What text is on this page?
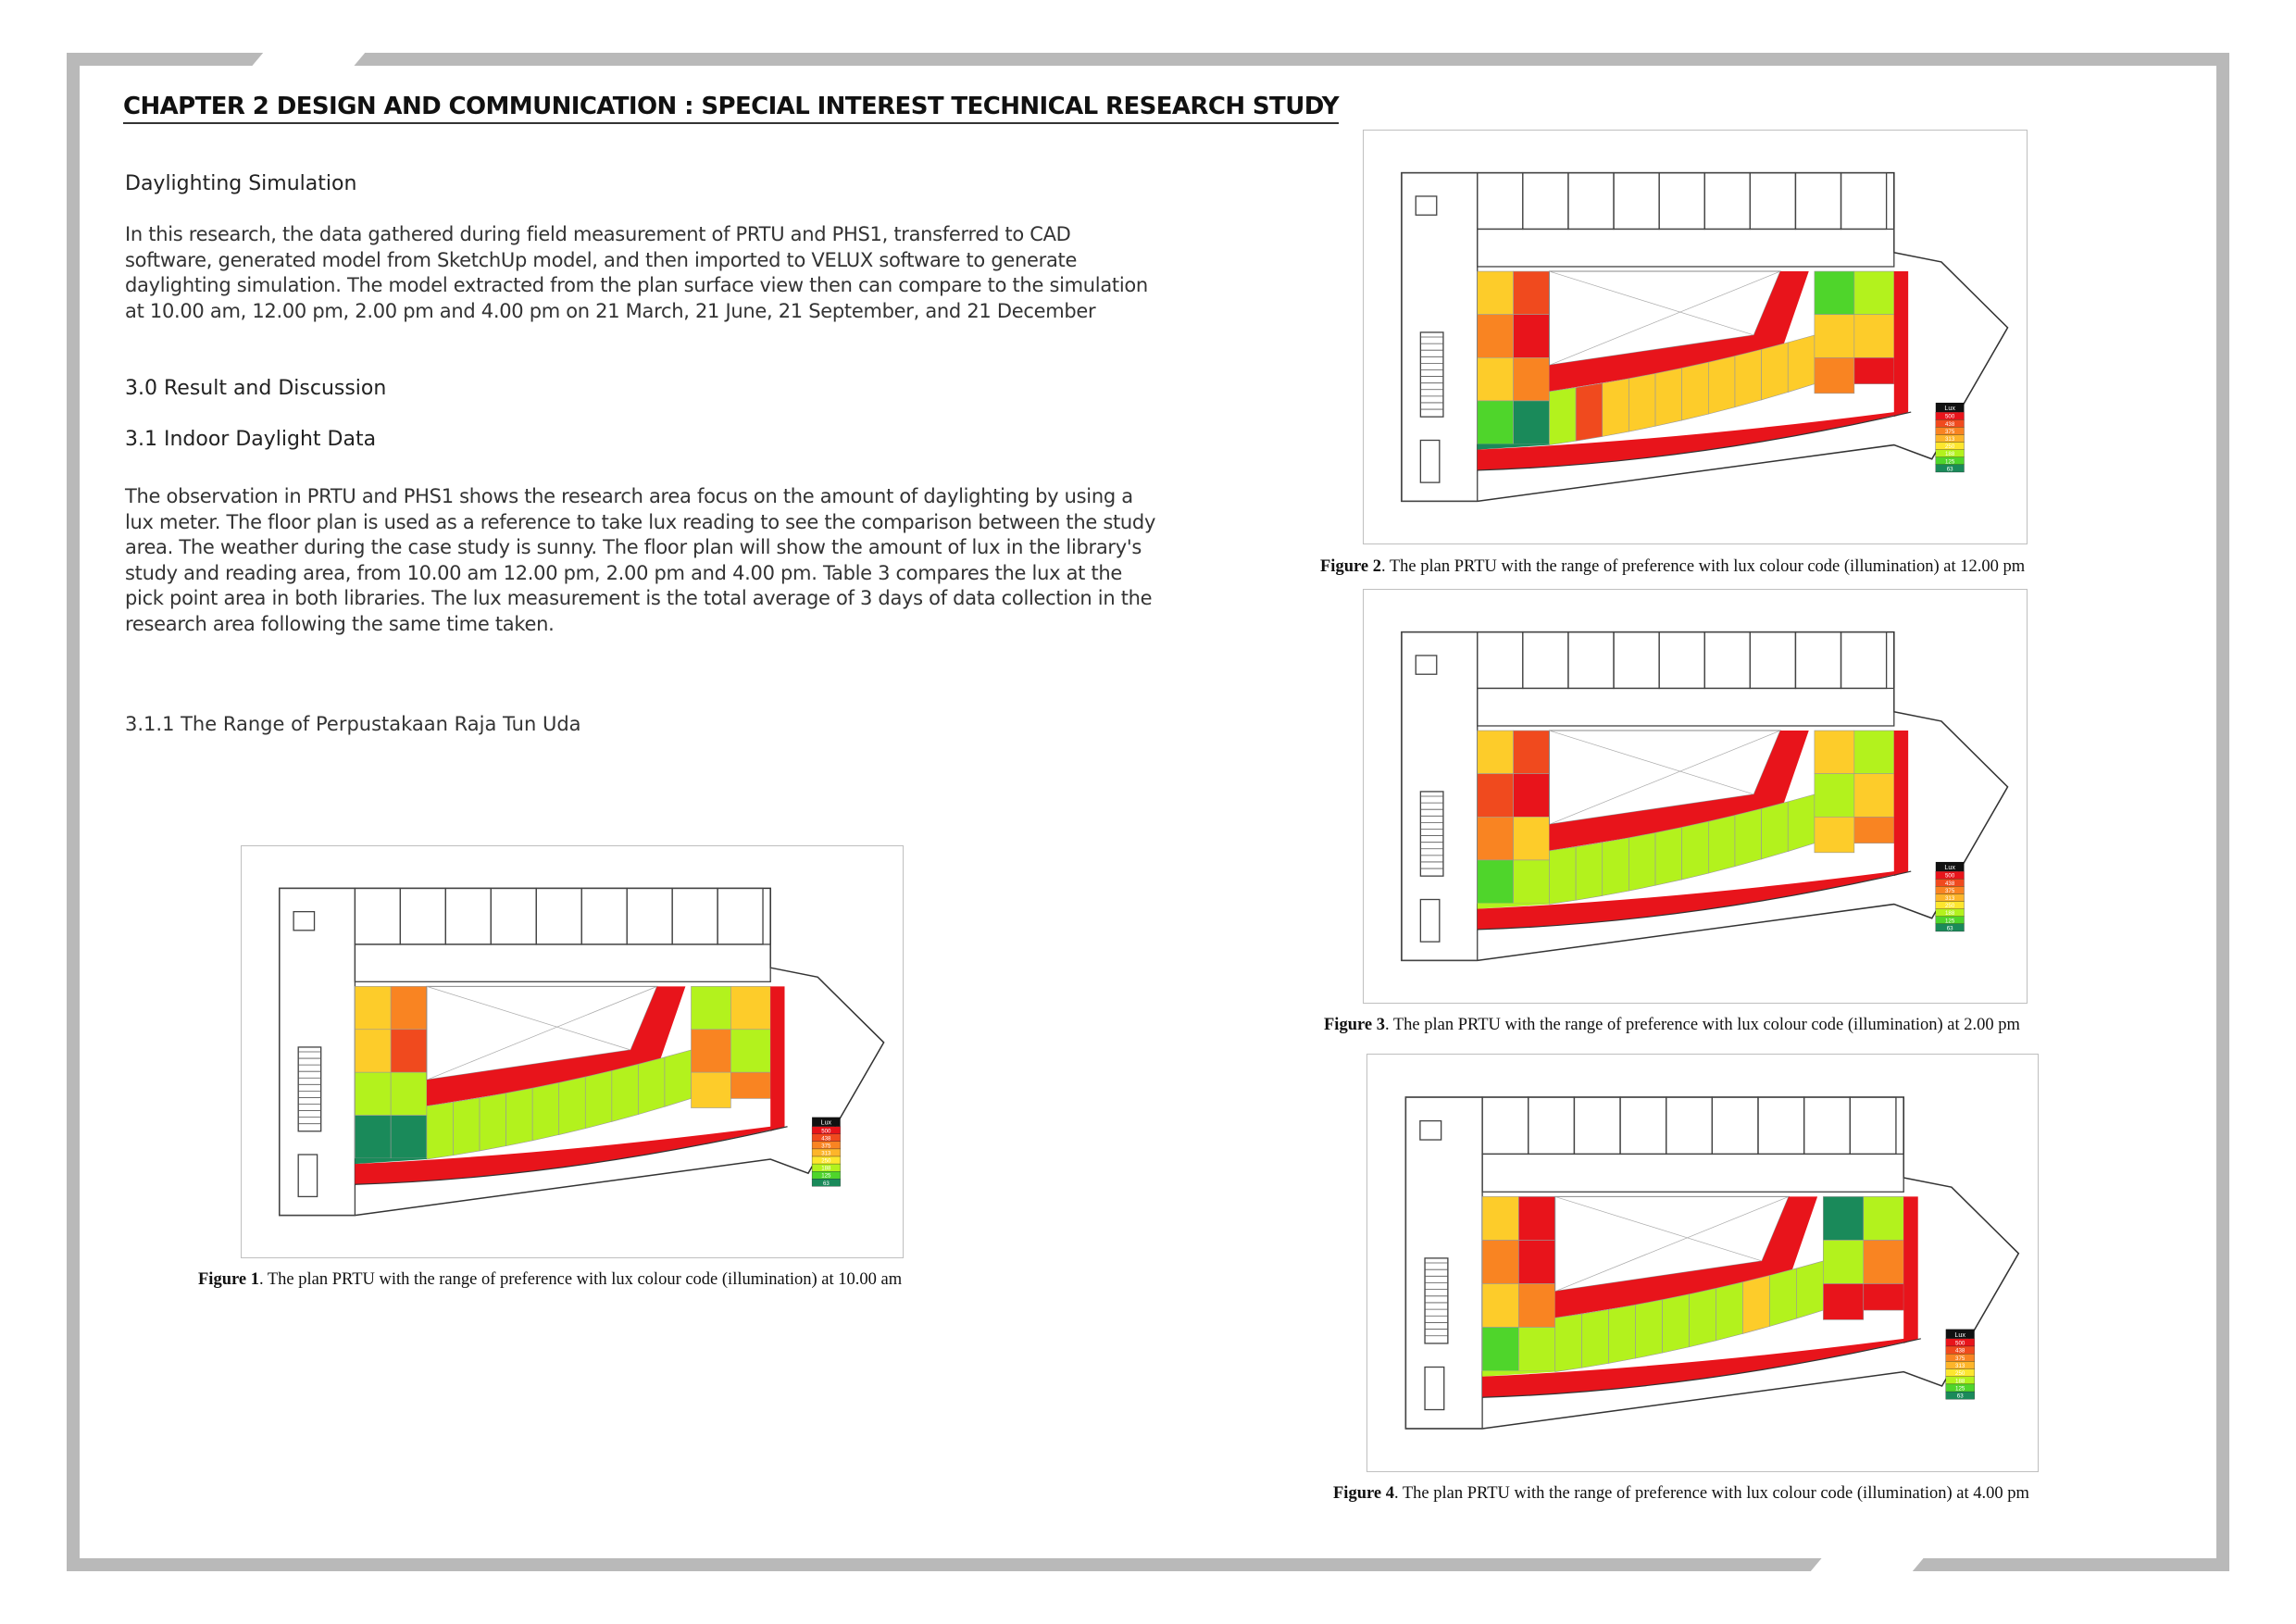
CHAPTER 2 DESIGN AND COMMUNICATION : SPECIAL INTEREST TECHNICAL RESEARCH STUDY
Daylighting Simulation
In this research, the data gathered during field measurement of PRTU and PHS1, transferred to CAD software, generated model from SketchUp model, and then imported to VELUX software to generate daylighting simulation. The model extracted from the plan surface view then can compare to the simulation at 10.00 am, 12.00 pm, 2.00 pm and 4.00 pm on 21 March, 21 June, 21 September, and 21 December
3.0 Result and Discussion
3.1 Indoor Daylight Data
The observation in PRTU and PHS1 shows the research area focus on the amount of daylighting by using a lux meter. The floor plan is used as a reference to take lux reading to see the comparison between the study area. The weather during the case study is sunny. The floor plan will show the amount of lux in the library's study and reading area, from 10.00 am 12.00 pm, 2.00 pm and 4.00 pm. Table 3 compares the lux at the pick point area in both libraries. The lux measurement is the total average of 3 days of data collection in the research area following the same time taken.
3.1.1 The Range of Perpustakaan Raja Tun Uda
Lux
500
438
375
313
250
188
125
63
Figure 1. The plan PRTU with the range of preference with lux colour code (illumination) at 10.00 am
Lux
500
438
375
313
250
188
125
63
Figure 2. The plan PRTU with the range of preference with lux colour code (illumination) at 12.00 pm
Lux
500
438
375
313
250
188
125
63
Figure 3. The plan PRTU with the range of preference with lux colour code (illumination) at 2.00 pm
Lux
500
438
375
313
250
188
125
63
Figure 4. The plan PRTU with the range of preference with lux colour code (illumination) at 4.00 pm
